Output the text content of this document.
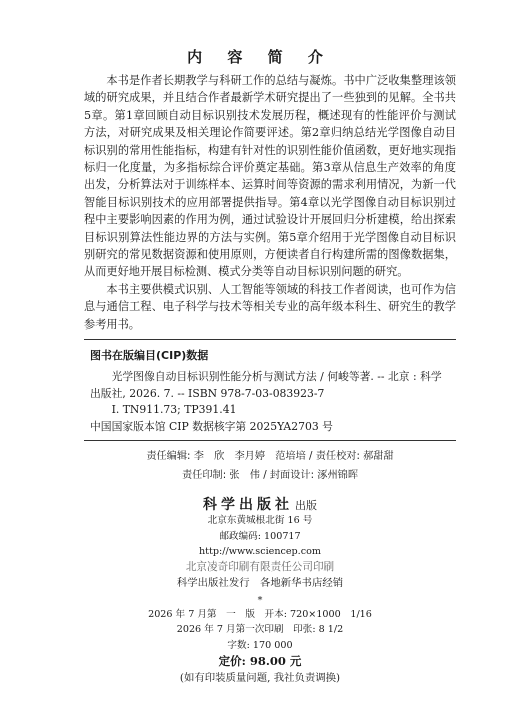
内 容 简 介

本书是作者长期教学与科研工作的总结与凝炼。书中广泛收集整理该领域的研究成果，并且结合作者最新学术研究提出了一些独到的见解。全书共5章。第1章回顾自动目标识别技术发展历程，概述现有的性能评价与测试方法，对研究成果及相关理论作简要评述。第2章归纳总结光学图像自动目标识别的常用性能指标，构建有针对性的识别性能价值函数，更好地实现指标归一化度量，为多指标综合评价奠定基础。第3章从信息生产效率的角度出发，分析算法对于训练样本、运算时间等资源的需求利用情况，为新一代智能目标识别技术的应用部署提供指导。第4章以光学图像自动目标识别过程中主要影响因素的作用为例，通过试验设计开展回归分析建模，给出探索目标识别算法性能边界的方法与实例。第5章介绍用于光学图像自动目标识别研究的常见数据资源和使用原则，方便读者自行构建所需的图像数据集，从而更好地开展目标检测、模式分类等自动目标识别问题的研究。

本书主要供模式识别、人工智能等领域的科技工作者阅读，也可作为信息与通信工程、电子科学与技术等相关专业的高年级本科生、研究生的教学参考用书。

图书在版编目(CIP)数据

光学图像自动目标识别性能分析与测试方法 / 何峻等著. -- 北京 : 科学出版社, 2026. 7. -- ISBN 978-7-03-083923-7

I. TN911.73; TP391.41

中国国家版本馆 CIP 数据核字第 2025YA2703 号

责任编辑: 李　欣　李月婷　范培培 / 责任校对: 郝甜甜
责任印制: 张　伟 / 封面设计: 涿州锦晖
科学出版社 出版
北京东黄城根北街 16 号
邮政编码: 100717
http://www.sciencep.com
北京凌奇印刷有限责任公司印刷
科学出版社发行　各地新华书店经销
*
2026 年 7 月第　一　版　开本: 720×1000　1/16
2026 年 7 月第一次印刷　印张: 8 1/2
字数: 170 000
定价: 98.00 元
(如有印装质量问题, 我社负责调换)
